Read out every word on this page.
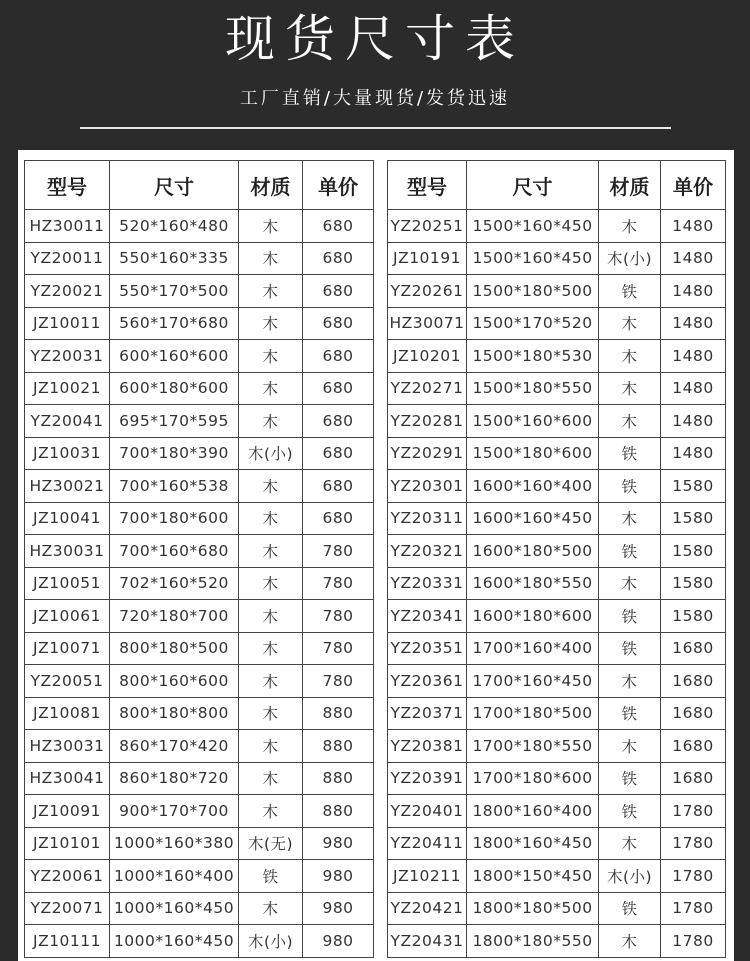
现货尺寸表
工厂直销/大量现货/发货迅速
型号	尺寸	材质	单价
HZ30011	520*160*480	木	680
YZ20011	550*160*335	木	680
YZ20021	550*170*500	木	680
JZ10011	560*170*680	木	680
YZ20031	600*160*600	木	680
JZ10021	600*180*600	木	680
YZ20041	695*170*595	木	680
JZ10031	700*180*390	木(小)	680
HZ30021	700*160*538	木	680
JZ10041	700*180*600	木	680
HZ30031	700*160*680	木	780
JZ10051	702*160*520	木	780
JZ10061	720*180*700	木	780
JZ10071	800*180*500	木	780
YZ20051	800*160*600	木	780
JZ10081	800*180*800	木	880
HZ30031	860*170*420	木	880
HZ30041	860*180*720	木	880
JZ10091	900*170*700	木	880
JZ10101	1000*160*380	木(无)	980
YZ20061	1000*160*400	铁	980
YZ20071	1000*160*450	木	980
JZ10111	1000*160*450	木(小)	980
型号	尺寸	材质	单价
YZ20251	1500*160*450	木	1480
JZ10191	1500*160*450	木(小)	1480
YZ20261	1500*180*500	铁	1480
HZ30071	1500*170*520	木	1480
JZ10201	1500*180*530	木	1480
YZ20271	1500*180*550	木	1480
YZ20281	1500*160*600	木	1480
YZ20291	1500*180*600	铁	1480
YZ20301	1600*160*400	铁	1580
YZ20311	1600*160*450	木	1580
YZ20321	1600*180*500	铁	1580
YZ20331	1600*180*550	木	1580
YZ20341	1600*180*600	铁	1580
YZ20351	1700*160*400	铁	1680
YZ20361	1700*160*450	木	1680
YZ20371	1700*180*500	铁	1680
YZ20381	1700*180*550	木	1680
YZ20391	1700*180*600	铁	1680
YZ20401	1800*160*400	铁	1780
YZ20411	1800*160*450	木	1780
JZ10211	1800*150*450	木(小)	1780
YZ20421	1800*180*500	铁	1780
YZ20431	1800*180*550	木	1780
